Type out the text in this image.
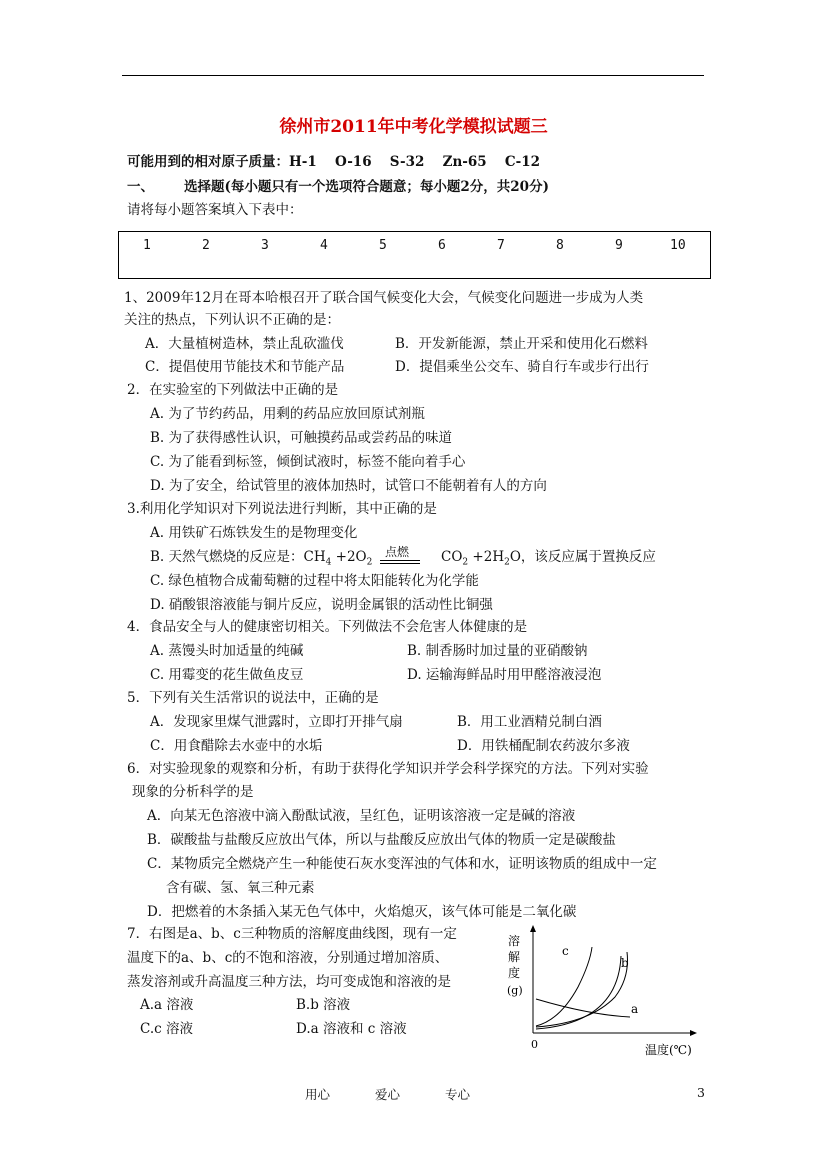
徐州市2011年中考化学模拟试题三
可能用到的相对原子质量：H-1　 O-16　 S-32　 Zn-65　 C-12
一、 选择题(每小题只有一个选项符合题意；每小题2分，共20分)
请将每小题答案填入下表中：
1	2	3	4	5	6	7	8	9	10
1、2009年12月在哥本哈根召开了联合国气候变化大会，气候变化问题进一步成为人类
关注的热点，下列认识不正确的是：
A．大量植树造林，禁止乱砍滥伐	B．开发新能源，禁止开采和使用化石燃料
C．提倡使用节能技术和节能产品	D．提倡乘坐公交车、骑自行车或步行出行
2．在实验室的下列做法中正确的是
A. 为了节约药品，用剩的药品应放回原试剂瓶
B. 为了获得感性认识，可触摸药品或尝药品的味道
C. 为了能看到标签，倾倒试液时，标签不能向着手心
D. 为了安全，给试管里的液体加热时，试管口不能朝着有人的方向
3.利用化学知识对下列说法进行判断，其中正确的是
A. 用铁矿石炼铁发生的是物理变化
B. 天然气燃烧的反应是：$CH_4 +2O_2$
点燃 $CO_2 +2H_2O$，该反应属于置换反应
C. 绿色植物合成葡萄糖的过程中将太阳能转化为化学能
D. 硝酸银溶液能与铜片反应，说明金属银的活动性比铜强
4．食品安全与人的健康密切相关。下列做法不会危害人体健康的是
A. 蒸馒头时加适量的纯碱	B. 制香肠时加过量的亚硝酸钠
C. 用霉变的花生做鱼皮豆	D. 运输海鲜品时用甲醛溶液浸泡
5．下列有关生活常识的说法中，正确的是
A．发现家里煤气泄露时，立即打开排气扇	B．用工业酒精兑制白酒
C．用食醋除去水壶中的水垢	D．用铁桶配制农药波尔多液
6．对实验现象的观察和分析，有助于获得化学知识并学会科学探究的方法。下列对实验
现象的分析科学的是
A．向某无色溶液中滴入酚酞试液，呈红色，证明该溶液一定是碱的溶液
B．碳酸盐与盐酸反应放出气体，所以与盐酸反应放出气体的物质一定是碳酸盐
C．某物质完全燃烧产生一种能使石灰水变浑浊的气体和水，证明该物质的组成中一定
含有碳、氢、氧三种元素
D．把燃着的木条插入某无色气体中，火焰熄灭，该气体可能是二氧化碳
7．右图是a、b、c三种物质的溶解度曲线图，现有一定
温度下的a、b、c的不饱和溶液，分别通过增加溶质、
蒸发溶剂或升高温度三种方法，均可变成饱和溶液的是
A.a 溶液	B.b 溶液
C.c 溶液	D.a 溶液和 c 溶液
溶
解
度
(g)
0	温度(℃)
c
b
a
用心	爱心	专心	3
